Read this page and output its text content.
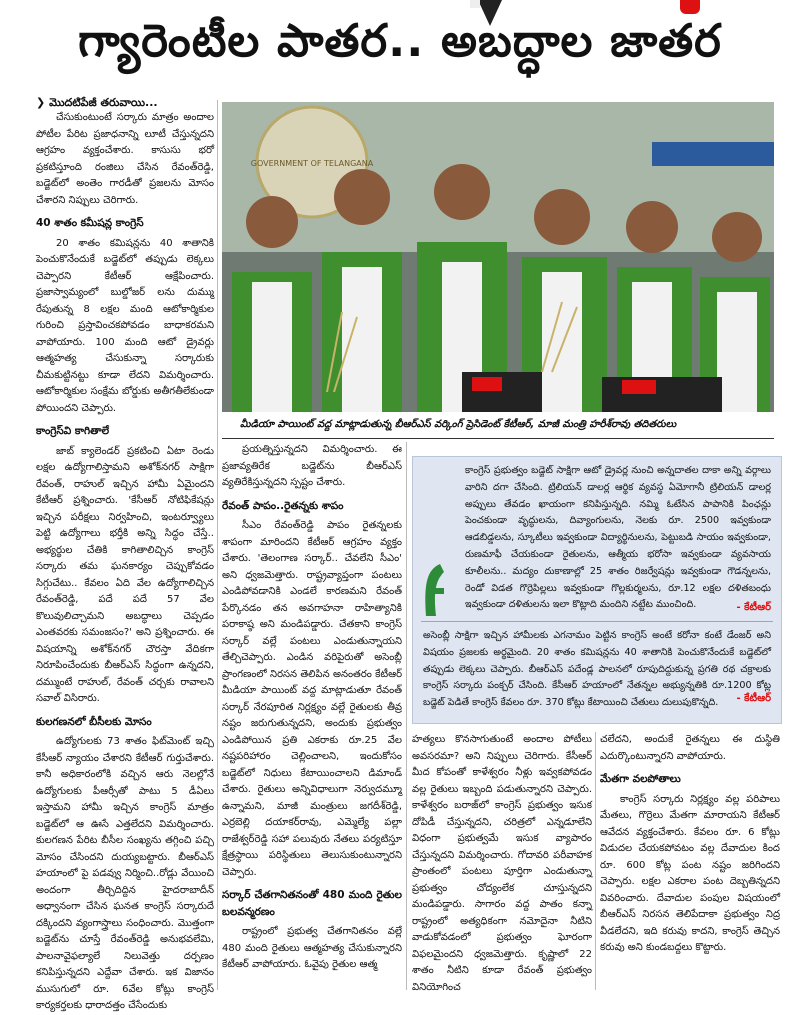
గ్యారెంటీల పాతర.. అబద్ధాల జాతర
❯ మొదటిపేజీ తరువాయి...

చేసుకుంటుంటే సర్కారు మాత్రం అందాల పోటీల పేరిట ప్రజాధనాన్ని లూటీ చేస్తున్నదని ఆగ్రహం వ్యక్తంచేశారు. కాసుసు భరో ప్రకటిస్తూంది రంజిలు చేసిన రేవంత్‌రెడ్డి, బడ్జెట్‌లో అంతెం గారడీతో ప్రజలను మోసం చేశారని నిప్పులు చెరిగారు.

40 శాతం కమీషన్ల కాంగ్రెస్

20 శాతం కమిషన్లను 40 శాతానికి పెంచుకొనేందుకే బడ్జెట్‌లో తప్పుడు లెక్కలు చెప్పారని కేటీఆర్ ఆక్షేపించారు. ప్రజాస్వామ్యంలో బుల్డోజర్ లను దుమ్ము రేపుతున్న 8 లక్షల మంది ఆటోకార్మికుల గురించి ప్రస్తావించకపోవడం బాధాకరమని వాపోయారు. 100 మంది ఆటో డ్రైవర్లు ఆత్మహత్య చేసుకున్నా సర్కారుకు చీమకుట్టినట్టు కూడా లేదని విమర్శించారు. ఆటోకార్మికుల సంక్షేమ బోర్డుకు అతీగతీలేకుండా పోయిందని చెప్పారు.

కాంగ్రెస్‌వి కాగితాలే

జాబ్ క్యాలెండర్ ప్రకటించి ఏటా రెండు లక్షల ఉద్యోగాలిస్తామని అశోక్‌నగర్ సాక్షిగా రేవంత్, రాహుల్ ఇచ్చిన హామీ ఏమైందని కేటీఆర్ ప్రశ్నించారు. 'కేసీఆర్ నోటిఫికేషన్లు ఇచ్చిన పరీక్షలు నిర్వహించి, ఇంటర్వ్యూలు పెట్టి ఉద్యోగాలు భర్తీకి అన్ని సిద్ధం చేస్తే.. అభ్యర్థుల చేతికి కాగితాలిచ్చిన కాంగ్రెస్ సర్కారు తమ ఘనకార్యం చెప్పుకోవడం సిగ్గుచేటు.. కేవలం ఏది వేల ఉద్యోగాలిచ్చిన రేవంత్‌రెడ్డి, పదే పదే 57 వేల కొలువులిచ్చామని అబద్ధాలు చెప్పడం ఎంతవరకు సమంజసం?' అని ప్రశ్నించారు. ఈ విషయాన్ని అశోక్‌నగర్ చౌరస్తా వేదికగా నిరూపించేందుకు బీఆర్‌ఎస్ సిద్ధంగా ఉన్నదని, దమ్ముంటే రాహుల్, రేవంత్ చర్చకు రావాలని సవాల్ విసిరారు.

కులగణనలో బీసీలకు మోసం

ఉద్యోగులకు 73 శాతం ఫిట్‌మెంట్ ఇచ్చి కేసీఆర్ న్యాయం చేశారని కేటీఆర్ గుర్తుచేశారు. కానీ అధికారంలోకి వచ్చిన ఆరు నెలల్లోనే ఉద్యోగులకు పీఆర్సీతో పాటు 5 డీఏలు ఇస్తామని హామీ ఇచ్చిన కాంగ్రెస్ మాత్రం బడ్జెట్‌లో ఆ ఊసే ఎత్తలేదని విమర్శించారు. కులగణన పేరిట బీసీల సంఖ్యను తగ్గించి పచ్చి మోసం చేసిందని దుయ్యబట్టారు. బీఆర్‌ఎస్ హయాంలో పై పడవ్వు నిర్మించి..రోడ్లు వేయించి అందంగా తీర్చిదిద్దిన హైదరాబాదీన్ అధ్వానంగా చేసిన ఘనత కాంగ్రెస్ సర్కారుదే దక్కిందని వ్యంగాస్త్రాలు సంధించారు. మొత్తంగా బడ్జెట్‌ను చూస్తే రేవంత్‌రెడ్డి అనుభవలేమి, పాలనావైఫల్యాలే నిలువెత్తు దర్పణం కనిపిస్తున్నదని ఎద్దేవా చేశారు. ఇక విజానం ముసుగులో రూ. 6వేల కోట్లు కాంగ్రెస్ కార్యకర్తలకు ధారాదత్తం చేసేందుకు

GOVERNMENT OF TELANGANA
మీడియా పాయింట్ వద్ద మాట్లాడుతున్న బీఆర్‌ఎస్ వర్కింగ్ ప్రెసిడెంట్ కేటీఆర్, మాజీ మంత్రి హరీశ్‌రావు తదితరులు

ప్రయత్నిస్తున్నదని విమర్శించారు. ఈ ప్రజావ్యతిరేక బడ్జెట్‌ను బీఆర్‌ఎస్ వ్యతిరేకిస్తున్నదని స్పష్టం చేశారు.

రేవంత్ పాపం..రైతన్నకు శాపం

సీఎం రేవంత్‌రెడ్డి పాపం రైతన్నలకు శాపంగా మారిందని కేటీఆర్ ఆగ్రహం వ్యక్తం చేశారు. 'తెలంగాణ సర్కార్.. చేవలేని సీఎం' అని ధ్వజమెత్తారు. రాష్ట్రవ్యాప్తంగా పంటలు ఎండిపోవడానికి ఎండలే కారణమని రేవంత్ పేర్కొనడం తన అవగాహనా రాహిత్యానికి పరాకాష్ఠ అని మండిపడ్డారు. చేతకాని కాంగ్రెస్ సర్కార్ వల్లే పంటలు ఎండుతున్నాయని తేల్చిచెప్పారు. ఎండిన వరిపైరుతో అసెంబ్లీ ప్రాంగణంలో నిరసన తెలిపిన అనంతరం కేటీఆర్ మీడియా పాయింట్ వద్ద మాట్లాడుతూ రేవంత్ సర్కార్ నేరపూరిత నిర్లక్ష్యం వల్లే రైతులకు తీవ్ర నష్టం జరుగుతున్నదని, అందుకు ప్రభుత్వం ఎండిపోయిన ప్రతి ఎకరాకు రూ.25 వేల నష్టపరిహారం చెల్లించాలని, ఇందుకోసం బడ్జెట్‌లో నిధులు కేటాయించాలని డిమాండ్ చేశారు. రైతులు అన్నివిధాలుగా నెర్వుదమ్మూ ఉన్నామని, మాజీ మంత్రులు జగదీశ్‌రెడ్డి, ఎర్రబెల్లి దయాకర్‌రావు, ఎమ్మెల్యే పల్లా రాజేశ్వర్‌రెడ్డి సహా పలువురు నేతలు పర్యటిస్తూ క్షేత్రస్థాయి పరిస్థితులు తెలుసుకుంటున్నారని చెప్పారు.

సర్కార్ చేతగానితనంతో 480 మంది రైతుల బలవన్మరణం

రాష్ట్రంలో ప్రభుత్వ చేతగానితనం వల్లే 480 మంది రైతులు ఆత్మహత్య చేసుకున్నారని కేటీఆర్ వాపోయారు. ఓవైపు రైతుల ఆత్మ

కాంగ్రెస్ ప్రభుత్వం బడ్జెట్ సాక్షిగా ఆటో డ్రైవర్ల నుంచి అన్నదాతల దాకా అన్ని వర్గాలు వారిని దగా చేసింది. ట్రిలియన్ డాలర్ల ఆర్థిక వ్యవస్థ ఏమోగానీ ట్రిలియన్ డాలర్ల అప్పులు తేవడం ఖాయంగా కనిపిస్తున్నది. నమ్మి ఓటేసిన పాపానికి పింఛన్లు పెంచకుండా వృద్ధులను, దివ్యాంగులను, నెలకు రూ. 2500 ఇవ్వకుండా ఆడబిడ్డలను, స్కూటీలు ఇవ్వకుండా విద్యార్థినులను, పెట్టుబడి సాయం ఇవ్వకుండా, రుణమాఫీ చేయకుండా రైతులను, ఆత్మీయ భరోసా ఇవ్వకుండా వ్యవసాయ కూలీలను.. మద్యం దుకాణాల్లో 25 శాతం రిజర్వేషన్లు ఇవ్వకుండా గౌడన్నలను, రెండో విడత గొర్రెపిల్లలు ఇవ్వకుండా గొల్లకుర్మలను, రూ.12 లక్షల దళితబంధు ఇవ్వకుండా దళితులను ఇలా కొట్లాది మందిని నట్టేట ముంచింది.	- కేటీఆర్

అసెంబ్లీ సాక్షిగా ఇచ్చిన హామీలకు ఎగనామం పెట్టిన కాంగ్రెస్ అంటే కరోనా కంటే డేంజర్ అని విషయం ప్రజలకు అర్థమైంది. 20 శాతం కమిషన్లను 40 శాతానికి పెంచుకొనేందుకే బడ్జెట్‌లో తప్పుడు లెక్కలు చెప్పారు. బీఆర్‌ఎస్ పదేండ్ల పాలనలో రూపుదిద్దుకున్న ప్రగతి రథ చక్రాలకు కాంగ్రెస్ సర్కారు పంక్చర్ చేసింది. కేసీఆర్ హయాంలో నేతన్నల అభ్యున్నతికి రూ.1200 కోట్ల బడ్జెట్ పెడితే కాంగ్రెస్ కేవలం రూ. 370 కోట్లు కేటాయించి చేతులు దులుపుకొన్నది.	- కేటీఆర్

హత్యలు కొనసాగుతుంటే అందాల పోటీలు అవసరమా? అని నిప్పులు చెరిగారు. కేసీఆర్ మీద కోపంతో కాళేశ్వరం నీళ్లు ఇవ్వకపోవడం వల్ల రైతులు ఇబ్బంది పడుతున్నారని చెప్పారు. కాళేశ్వరం బరాజ్‌లో కాంగ్రెస్ ప్రభుత్వం ఇసుక దోపిడీ చేస్తున్నదని, చరిత్రలో ఎన్నడూలేని విధంగా ప్రభుత్వమే ఇసుక వ్యాపారం చేస్తున్నదని విమర్శించారు. గోదావరి పరీవాహక ప్రాంతంలో పంటలు పూర్తిగా ఎండుతున్నా ప్రభుత్వం చోద్యంలేక చూస్తున్నదని మండిపడ్డారు. సాగారం వద్ద పాతం కన్నా రాష్ట్రంలో అత్యధికంగా నమోదైనా నీటిని వాడుకోవడంలో ప్రభుత్వం ఘోరంగా విఫలమైందని ధ్వజమెత్తారు. కృష్ణాలో 22 శాతం నీటిని కూడా రేవంత్ ప్రభుత్వం వినియోగించ

చలేదని, అందుకే రైతన్నలు ఈ దుస్థితి ఎదుర్కొంటున్నారని వాపోయారు.

మేతగా వలపోతాలు

కాంగ్రెస్ సర్కారు నిర్లక్ష్యం వల్ల పరిపాలు మేతలు, గొర్రెలు మేతగా మారాయని కేటీఆర్ ఆవేదన వ్యక్తంచేశారు. కేవలం రూ. 6 కోట్లు విడుదల చేయకపోవటం వల్ల దేవాదుల కింద రూ. 600 కోట్ల పంట నష్టం జరిగిందని చెప్పారు. లక్షల ఎకరాల పంట దెబ్బతిన్నదని వివరించారు. దేవాదుల పంపుల విషయంలో బీఆర్‌ఎస్ నిరసన తెలిపేదాకా ప్రభుత్వం నిద్ర వీడలేదని, ఇది కరువు కాదని, కాంగ్రెస్ తెచ్చిన కరువు అని కుండబద్దలు కొట్టారు.
